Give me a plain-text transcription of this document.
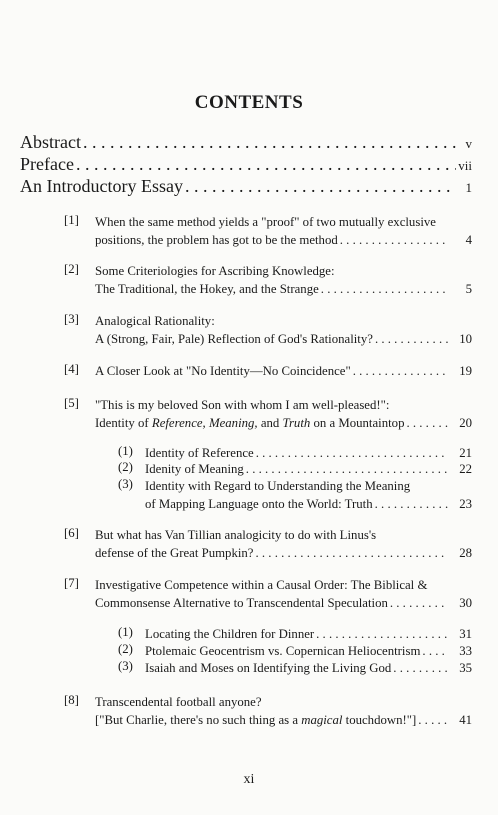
CONTENTS
Abstract . . .	v
Preface . . .	vii
An Introductory Essay . . .	1
[1] When the same method yields a "proof" of two mutually exclusive
positions, the problem has got to be the method . . .	4
[2] Some Criteriologies for Ascribing Knowledge:
The Traditional, the Hokey, and the Strange . . .	5
[3] Analogical Rationality:
A (Strong, Fair, Pale) Reflection of God's Rationality? . . .	10
[4] A Closer Look at "No Identity—No Coincidence" . . .	19
[5] "This is my beloved Son with whom I am well-pleased!":
Identity of Reference, Meaning, and Truth on a Mountaintop . . .	20
(1) Identity of Reference . . .	21
(2) Idenity of Meaning . . .	22
(3) Identity with Regard to Understanding the Meaning
of Mapping Language onto the World: Truth . . .	23
[6] But what has Van Tillian analogicity to do with Linus's
defense of the Great Pumpkin? . . .	28
[7] Investigative Competence within a Causal Order: The Biblical &
Commonsense Alternative to Transcendental Speculation . . .	30
(1) Locating the Children for Dinner . . .	31
(2) Ptolemaic Geocentrism vs. Copernican Heliocentrism . . .	33
(3) Isaiah and Moses on Identifying the Living God . . .	35
[8] Transcendental football anyone?
["But Charlie, there's no such thing as a magical touchdown!"] . . .	41
xi
